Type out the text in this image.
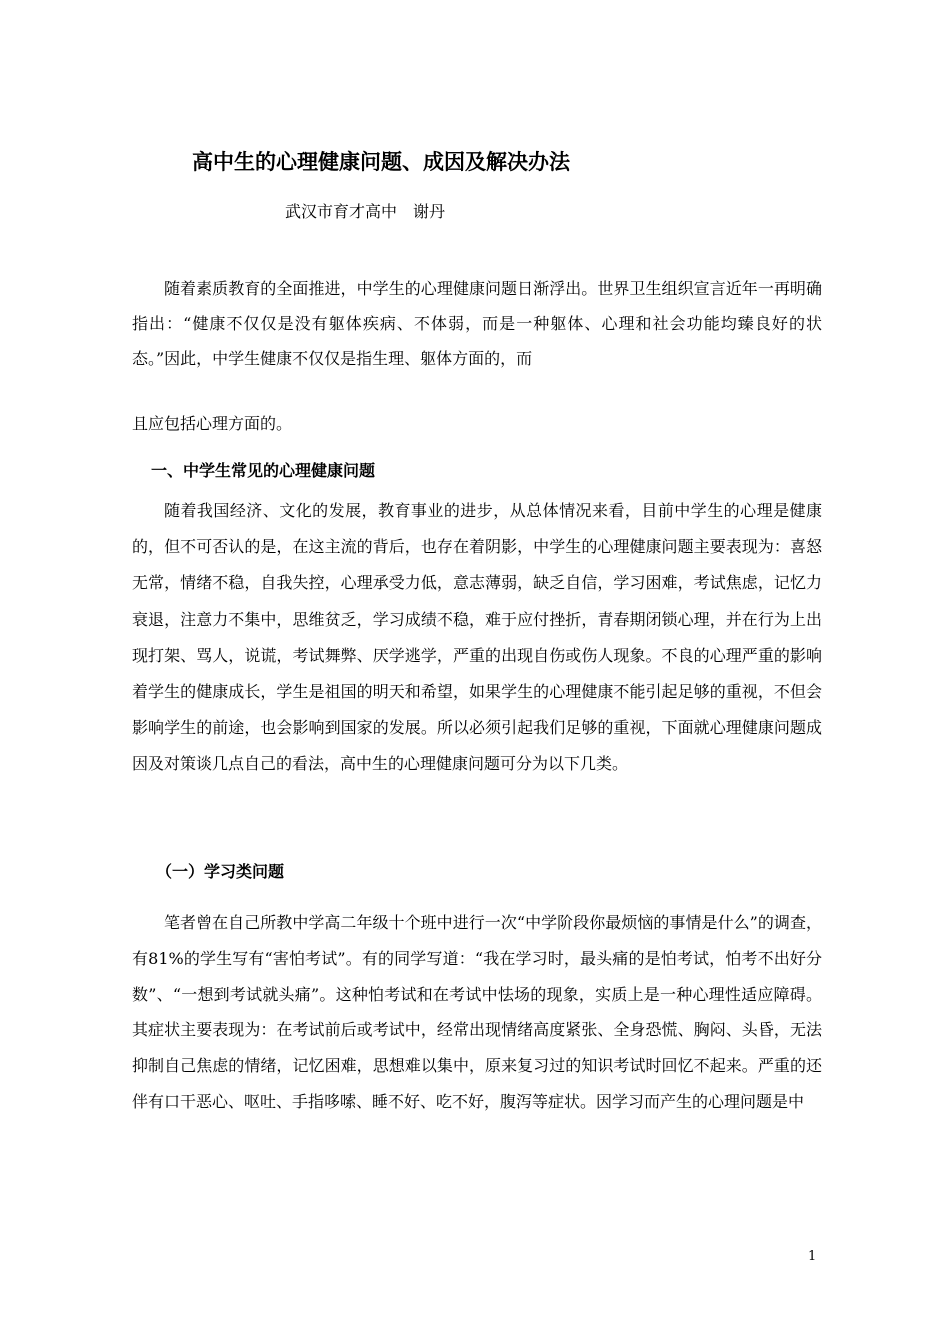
高中生的心理健康问题、成因及解决办法
武汉市育才高中　谢丹
随着素质教育的全面推进，中学生的心理健康问题日渐浮出。世界卫生组织宣言近年一再明确指出：“健康不仅仅是没有躯体疾病、不体弱，而是一种躯体、心理和社会功能均臻良好的状态。”因此，中学生健康不仅仅是指生理、躯体方面的，而
且应包括心理方面的。
一、中学生常见的心理健康问题
随着我国经济、文化的发展，教育事业的进步，从总体情况来看，目前中学生的心理是健康的，但不可否认的是，在这主流的背后，也存在着阴影，中学生的心理健康问题主要表现为：喜怒无常，情绪不稳，自我失控，心理承受力低，意志薄弱，缺乏自信，学习困难，考试焦虑，记忆力衰退，注意力不集中，思维贫乏，学习成绩不稳，难于应付挫折，青春期闭锁心理，并在行为上出现打架、骂人，说谎，考试舞弊、厌学逃学，严重的出现自伤或伤人现象。不良的心理严重的影响着学生的健康成长，学生是祖国的明天和希望，如果学生的心理健康不能引起足够的重视，不但会影响学生的前途，也会影响到国家的发展。所以必须引起我们足够的重视，下面就心理健康问题成因及对策谈几点自己的看法，高中生的心理健康问题可分为以下几类。
（一）学习类问题
笔者曾在自己所教中学高二年级十个班中进行一次“中学阶段你最烦恼的事情是什么”的调查，有81%的学生写有“害怕考试”。有的同学写道：“我在学习时，最头痛的是怕考试，怕考不出好分数”、“一想到考试就头痛”。这种怕考试和在考试中怯场的现象，实质上是一种心理性适应障碍。其症状主要表现为：在考试前后或考试中，经常出现情绪高度紧张、全身恐慌、胸闷、头昏，无法抑制自己焦虑的情绪，记忆困难，思想难以集中，原来复习过的知识考试时回忆不起来。严重的还伴有口干恶心、呕吐、手指哆嗦、睡不好、吃不好，腹泻等症状。因学习而产生的心理问题是中
1
